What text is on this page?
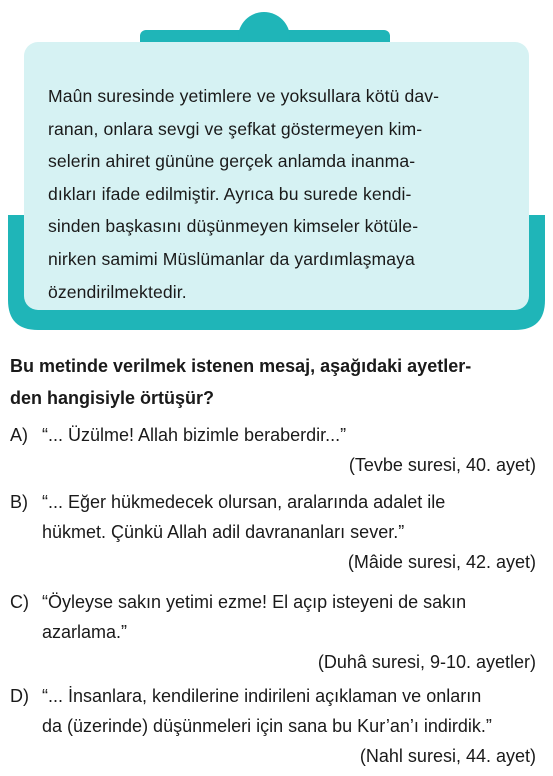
Maûn suresinde yetimlere ve yoksullara kötü dav-

ranan, onlara sevgi ve şefkat göstermeyen kim-

selerin ahiret gününe gerçek anlamda inanma-

dıkları ifade edilmiştir. Ayrıca bu surede kendi-

sinden başkasını düşünmeyen kimseler kötüle-

nirken samimi Müslümanlar da yardımlaşmaya

özendirilmektedir.

Bu metinde verilmek istenen mesaj, aşağıdaki ayetler-

den hangisiyle örtüşür?

A) “... Üzülme! Allah bizimle beraberdir...”

(Tevbe suresi, 40. ayet)

B) “... Eğer hükmedecek olursan, aralarında adalet ile

hükmet. Çünkü Allah adil davrananları sever.”

(Mâide suresi, 42. ayet)

C) “Öyleyse sakın yetimi ezme! El açıp isteyeni de sakın

azarlama.”

(Duhâ suresi, 9-10. ayetler)

D) “... İnsanlara, kendilerine indirileni açıklaman ve onların

da (üzerinde) düşünmeleri için sana bu Kur’an’ı indirdik.”

(Nahl suresi, 44. ayet)
